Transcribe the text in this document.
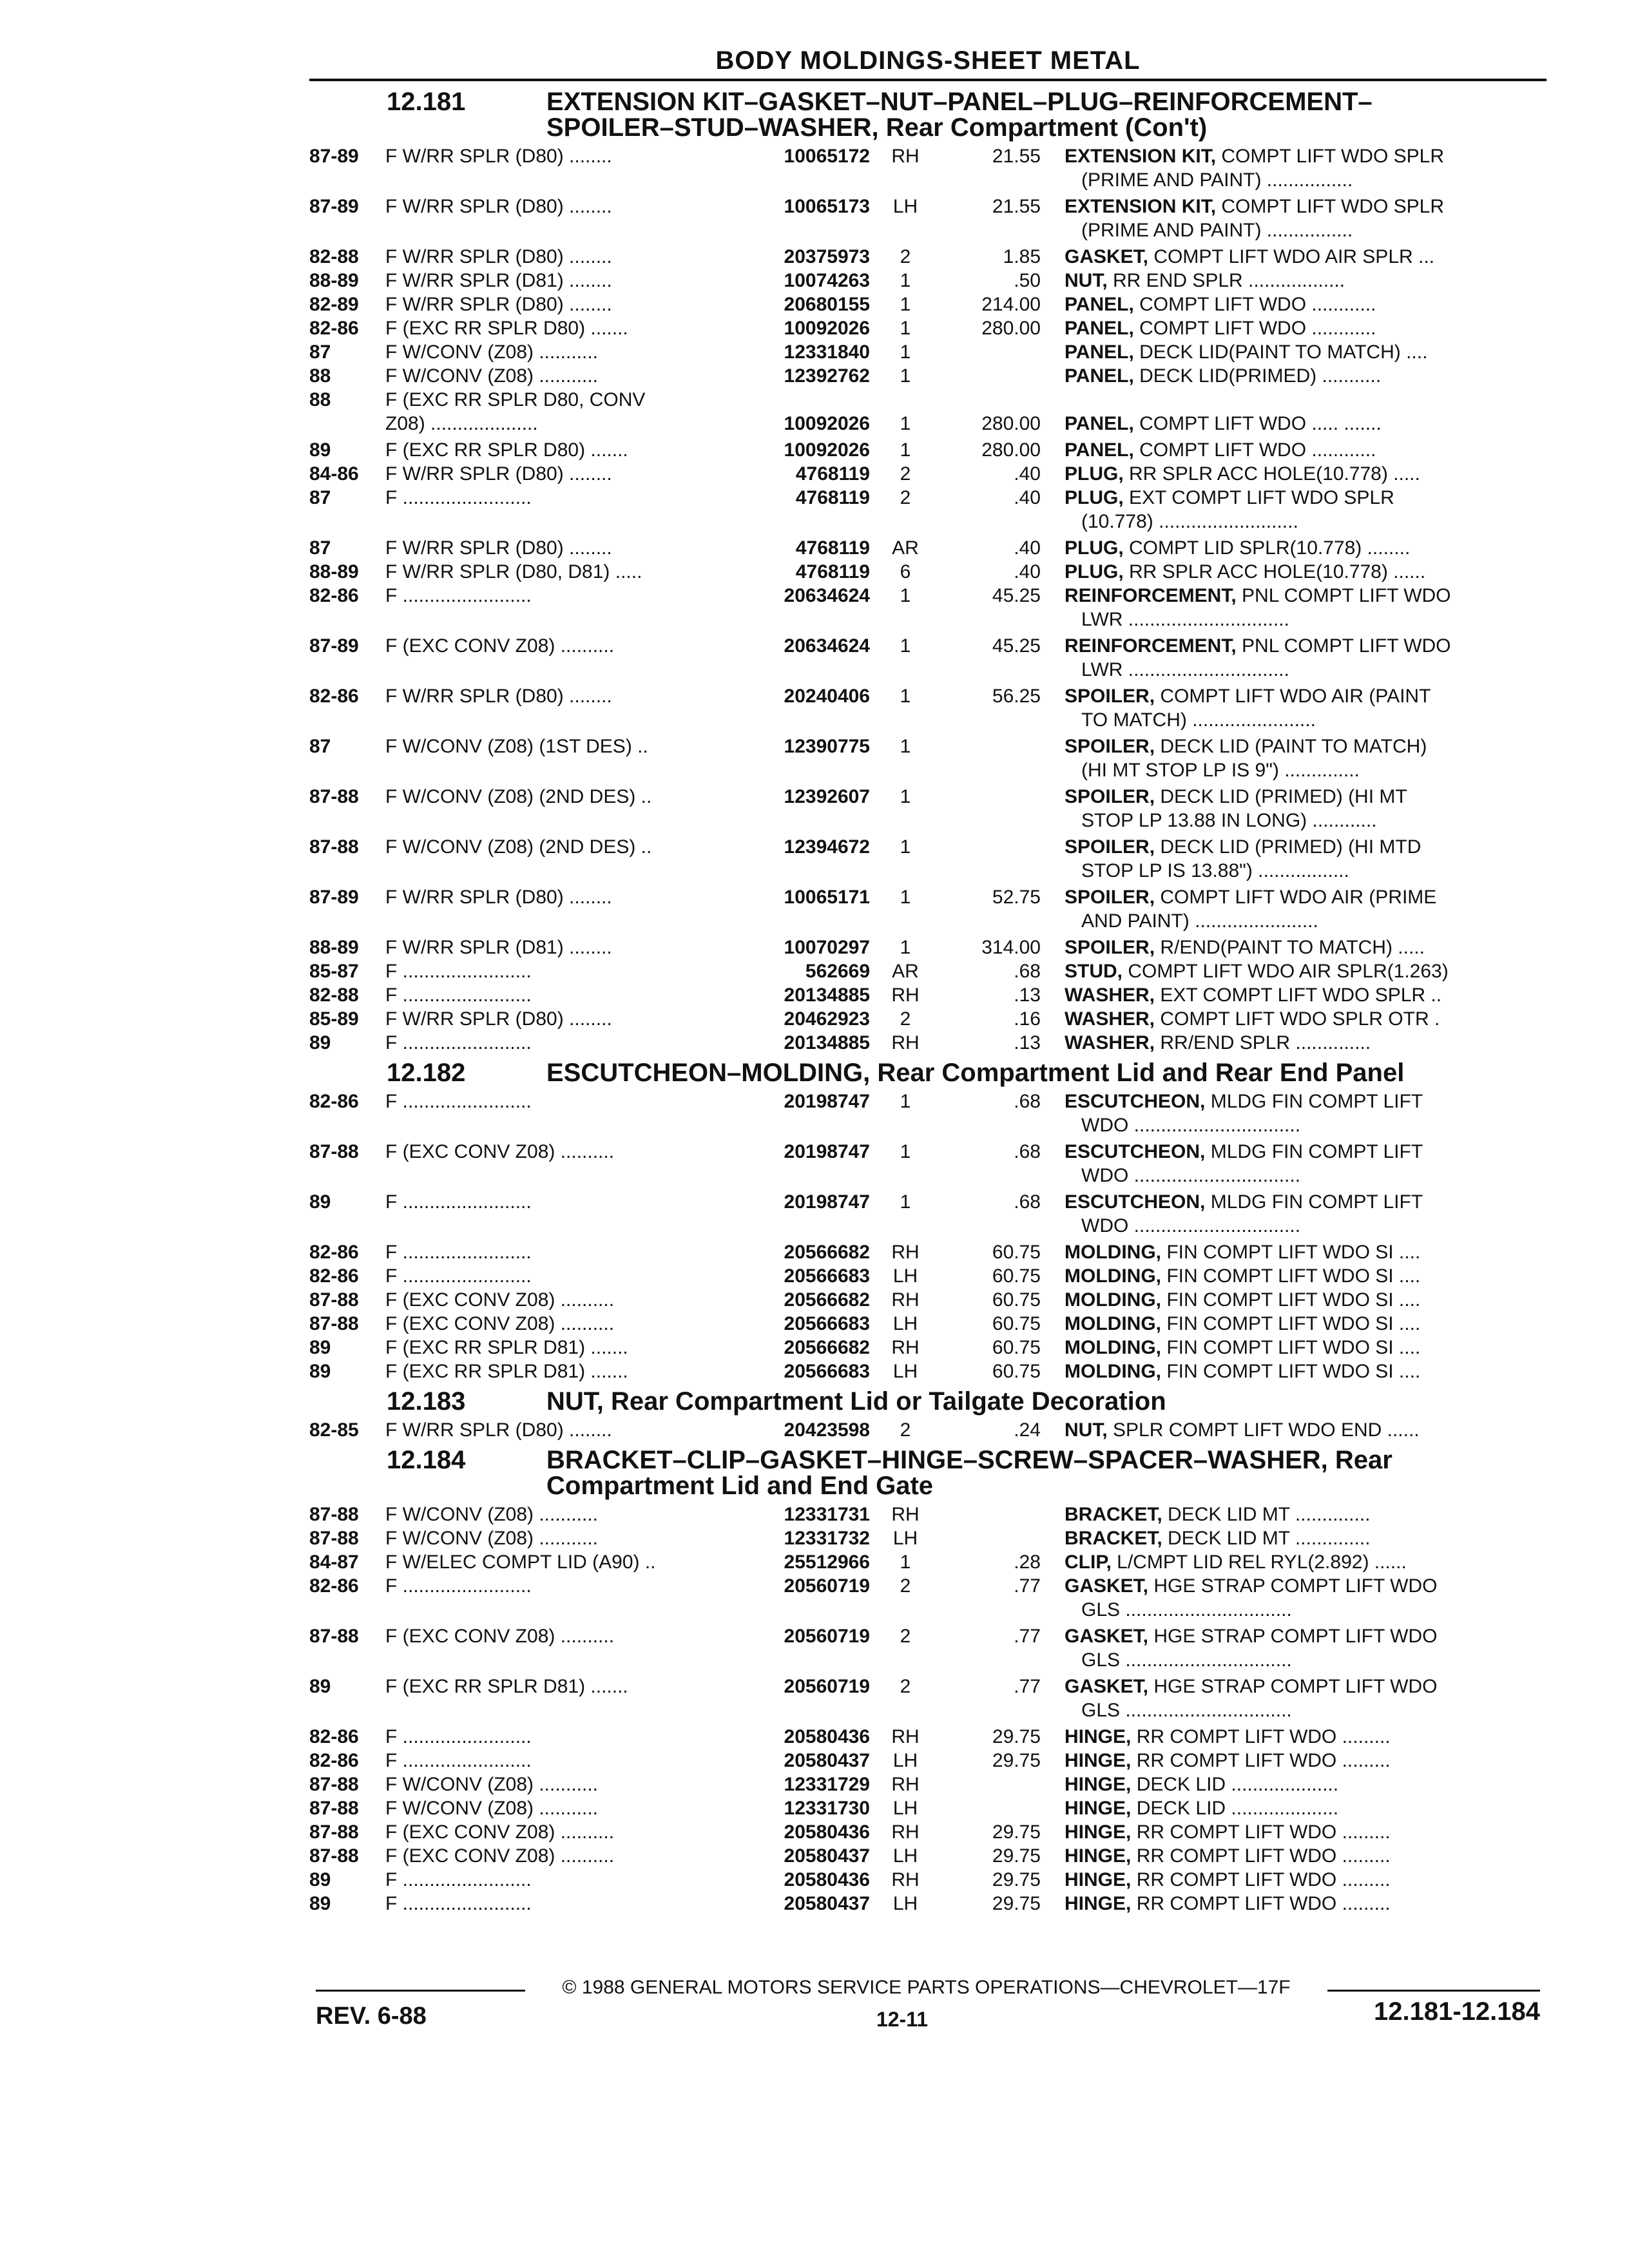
BODY MOLDINGS-SHEET METAL
12.181	EXTENSION KIT–GASKET–NUT–PANEL–PLUG–REINFORCEMENT–
SPOILER–STUD–WASHER, Rear Compartment (Con't)
87-89 F W/RR SPLR (D80) ........	10065172	RH	21.55 EXTENSION KIT, COMPT LIFT WDO SPLR
(PRIME AND PAINT) ................
87-89 F W/RR SPLR (D80) ........	10065173	LH	21.55 EXTENSION KIT, COMPT LIFT WDO SPLR
(PRIME AND PAINT) ................
82-88 F W/RR SPLR (D80) ........	20375973	2	1.85 GASKET, COMPT LIFT WDO AIR SPLR ...
88-89 F W/RR SPLR (D81) ........	10074263	1	.50 NUT, RR END SPLR ..................
82-89 F W/RR SPLR (D80) ........	20680155	1	214.00 PANEL, COMPT LIFT WDO ............
82-86 F (EXC RR SPLR D80) .......	10092026	1	280.00 PANEL, COMPT LIFT WDO ............
87	F W/CONV (Z08) ...........	12331840	1	PANEL, DECK LID(PAINT TO MATCH) ....
88	F W/CONV (Z08) ...........	12392762	1	PANEL, DECK LID(PRIMED) ...........
88	F (EXC RR SPLR D80, CONV
Z08) ....................	10092026	1	280.00 PANEL, COMPT LIFT WDO ..... .......
89	F (EXC RR SPLR D80) .......	10092026	1	280.00 PANEL, COMPT LIFT WDO ............
84-86 F W/RR SPLR (D80) ........	4768119	2	.40 PLUG, RR SPLR ACC HOLE(10.778) .....
87	F ........................	4768119	2	.40 PLUG, EXT COMPT LIFT WDO SPLR
(10.778) ..........................
87	F W/RR SPLR (D80) ........	4768119	AR	.40 PLUG, COMPT LID SPLR(10.778) ........
88-89 F W/RR SPLR (D80, D81) .....	4768119	6	.40 PLUG, RR SPLR ACC HOLE(10.778) ......
82-86 F ........................	20634624	1	45.25 REINFORCEMENT, PNL COMPT LIFT WDO
LWR ..............................
87-89 F (EXC CONV Z08) ..........	20634624	1	45.25 REINFORCEMENT, PNL COMPT LIFT WDO
LWR ..............................
82-86 F W/RR SPLR (D80) ........	20240406	1	56.25 SPOILER, COMPT LIFT WDO AIR (PAINT
TO MATCH) .......................
87	F W/CONV (Z08) (1ST DES) ..	12390775	1	SPOILER, DECK LID (PAINT TO MATCH)
(HI MT STOP LP IS 9") ..............
87-88 F W/CONV (Z08) (2ND DES) ..	12392607	1	SPOILER, DECK LID (PRIMED) (HI MT
STOP LP 13.88 IN LONG) ............
87-88 F W/CONV (Z08) (2ND DES) ..	12394672	1	SPOILER, DECK LID (PRIMED) (HI MTD
STOP LP IS 13.88") .................
87-89 F W/RR SPLR (D80) ........	10065171	1	52.75 SPOILER, COMPT LIFT WDO AIR (PRIME
AND PAINT) .......................
88-89 F W/RR SPLR (D81) ........	10070297	1	314.00 SPOILER, R/END(PAINT TO MATCH) .....
85-87 F ........................	562669	AR	.68 STUD, COMPT LIFT WDO AIR SPLR(1.263)
82-88 F ........................	20134885	RH	.13 WASHER, EXT COMPT LIFT WDO SPLR ..
85-89 F W/RR SPLR (D80) ........	20462923	2	.16 WASHER, COMPT LIFT WDO SPLR OTR .
89	F ........................	20134885	RH	.13 WASHER, RR/END SPLR ..............
12.182	ESCUTCHEON–MOLDING, Rear Compartment Lid and Rear End Panel
82-86 F ........................	20198747	1	.68 ESCUTCHEON, MLDG FIN COMPT LIFT
WDO ...............................
87-88 F (EXC CONV Z08) ..........	20198747	1	.68 ESCUTCHEON, MLDG FIN COMPT LIFT
WDO ...............................
89	F ........................	20198747	1	.68 ESCUTCHEON, MLDG FIN COMPT LIFT
WDO ...............................
82-86 F ........................	20566682	RH	60.75 MOLDING, FIN COMPT LIFT WDO SI ....
82-86 F ........................	20566683	LH	60.75 MOLDING, FIN COMPT LIFT WDO SI ....
87-88 F (EXC CONV Z08) ..........	20566682	RH	60.75 MOLDING, FIN COMPT LIFT WDO SI ....
87-88 F (EXC CONV Z08) ..........	20566683	LH	60.75 MOLDING, FIN COMPT LIFT WDO SI ....
89	F (EXC RR SPLR D81) .......	20566682	RH	60.75 MOLDING, FIN COMPT LIFT WDO SI ....
89	F (EXC RR SPLR D81) .......	20566683	LH	60.75 MOLDING, FIN COMPT LIFT WDO SI ....
12.183	NUT, Rear Compartment Lid or Tailgate Decoration
82-85 F W/RR SPLR (D80) ........	20423598	2	.24 NUT, SPLR COMPT LIFT WDO END ......
12.184	BRACKET–CLIP–GASKET–HINGE–SCREW–SPACER–WASHER, Rear
Compartment Lid and End Gate
87-88 F W/CONV (Z08) ...........	12331731	RH	BRACKET, DECK LID MT ..............
87-88 F W/CONV (Z08) ...........	12331732	LH	BRACKET, DECK LID MT ..............
84-87 F W/ELEC COMPT LID (A90) ..	25512966	1	.28 CLIP, L/CMPT LID REL RYL(2.892) ......
82-86 F ........................	20560719	2	.77 GASKET, HGE STRAP COMPT LIFT WDO
GLS ...............................
87-88 F (EXC CONV Z08) ..........	20560719	2	.77 GASKET, HGE STRAP COMPT LIFT WDO
GLS ...............................
89	F (EXC RR SPLR D81) .......	20560719	2	.77 GASKET, HGE STRAP COMPT LIFT WDO
GLS ...............................
82-86 F ........................	20580436	RH	29.75 HINGE, RR COMPT LIFT WDO .........
82-86 F ........................	20580437	LH	29.75 HINGE, RR COMPT LIFT WDO .........
87-88 F W/CONV (Z08) ...........	12331729	RH	HINGE, DECK LID ....................
87-88 F W/CONV (Z08) ...........	12331730	LH	HINGE, DECK LID ....................
87-88 F (EXC CONV Z08) ..........	20580436	RH	29.75 HINGE, RR COMPT LIFT WDO .........
87-88 F (EXC CONV Z08) ..........	20580437	LH	29.75 HINGE, RR COMPT LIFT WDO .........
89	F ........................	20580436	RH	29.75 HINGE, RR COMPT LIFT WDO .........
89	F ........................	20580437	LH	29.75 HINGE, RR COMPT LIFT WDO .........
© 1988 GENERAL MOTORS SERVICE PARTS OPERATIONS—CHEVROLET—17F
REV. 6-88	12-11	12.181-12.184
